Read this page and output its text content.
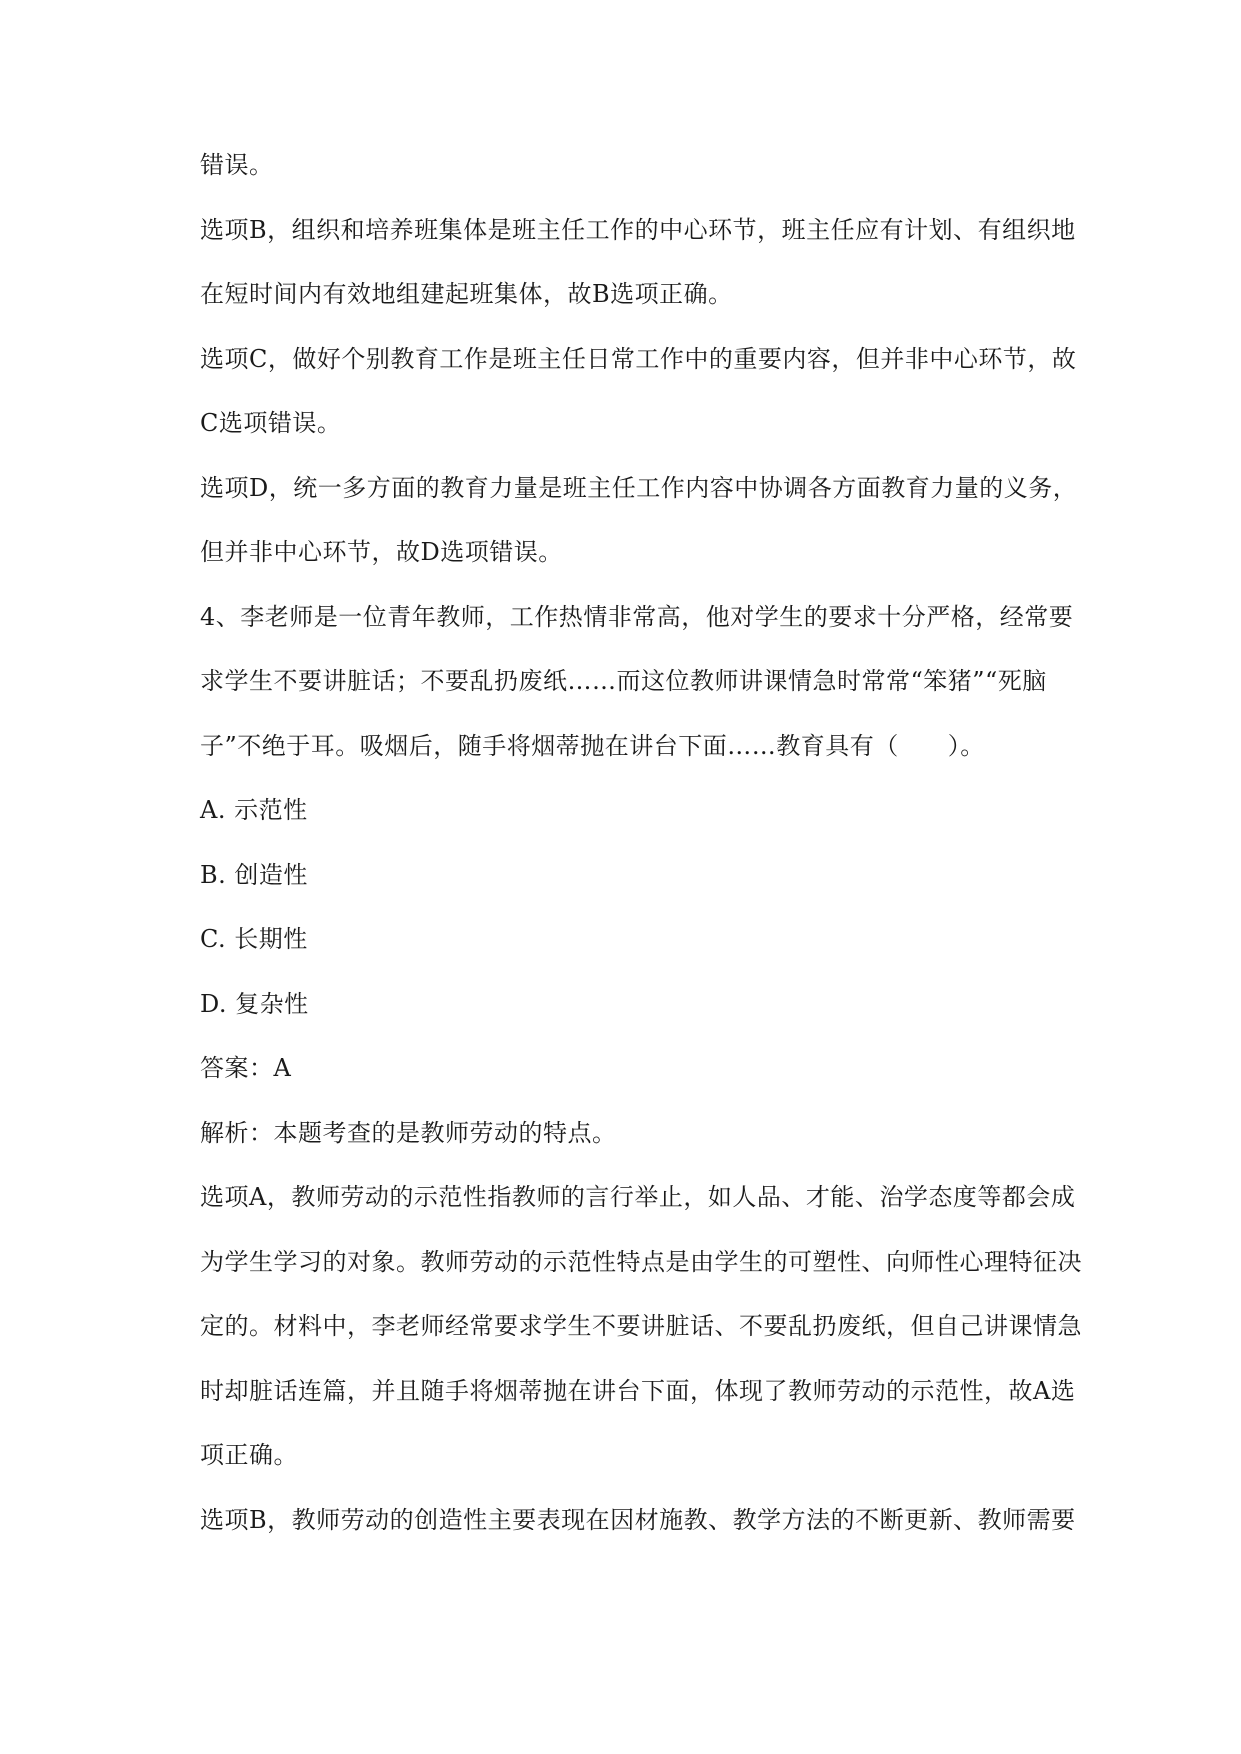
错误。
选项B，组织和培养班集体是班主任工作的中心环节，班主任应有计划、有组织地
在短时间内有效地组建起班集体，故B选项正确。
选项C，做好个别教育工作是班主任日常工作中的重要内容，但并非中心环节，故
C选项错误。
选项D，统一多方面的教育力量是班主任工作内容中协调各方面教育力量的义务，
但并非中心环节，故D选项错误。
4、李老师是一位青年教师，工作热情非常高，他对学生的要求十分严格，经常要
求学生不要讲脏话；不要乱扔废纸……而这位教师讲课情急时常常“笨猪”“死脑
子”不绝于耳。吸烟后，随手将烟蒂抛在讲台下面……教育具有（　　）。
A. 示范性
B. 创造性
C. 长期性
D. 复杂性
答案：A
解析：本题考查的是教师劳动的特点。
选项A，教师劳动的示范性指教师的言行举止，如人品、才能、治学态度等都会成
为学生学习的对象。教师劳动的示范性特点是由学生的可塑性、向师性心理特征决
定的。材料中，李老师经常要求学生不要讲脏话、不要乱扔废纸，但自己讲课情急
时却脏话连篇，并且随手将烟蒂抛在讲台下面，体现了教师劳动的示范性，故A选
项正确。
选项B，教师劳动的创造性主要表现在因材施教、教学方法的不断更新、教师需要
